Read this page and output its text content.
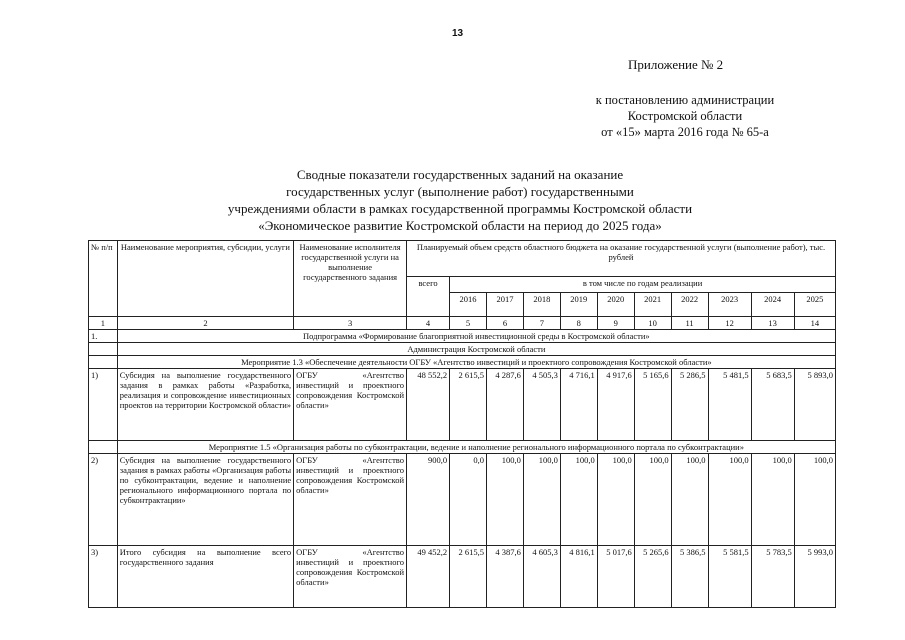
13
Приложение № 2
к постановлению администрации
Костромской области
от «15» марта 2016 года № 65-а
Сводные показатели государственных заданий на оказание
государственных услуг (выполнение работ) государственными
учреждениями области в рамках государственной программы Костромской области
«Экономическое развитие Костромской области на период до 2025 года»
№ п/п	Наименование мероприятия, субсидии, услуги	Наименование исполнителя государственной услуги на выполнение государственного задания	Планируемый объем средств областного бюджета на оказание государственной услуги (выполнение работ), тыс. рублей										
			всего	в том числе по годам реализации									
				2016	2017	2018	2019	2020	2021	2022	2023	2024	2025
1	2	3	4	5	6	7	8	9	10	11	12	13	14
1.	Подпрограмма «Формирование благоприятной инвестиционной среды в Костромской области»												
	Администрация Костромской области												
	Мероприятие 1.3 «Обеспечение деятельности ОГБУ «Агентство инвестиций и проектного сопровождения Костромской области»												
1)	Субсидия на выполнение государственного задания в рамках работы «Разработка, реализация и сопровождение инвестиционных проектов на территории Костромской области»	ОГБУ «Агентство инвестиций и проектного сопровождения Костромской области»	48 552,2	2 615,5	4 287,6	4 505,3	4 716,1	4 917,6	5 165,6	5 286,5	5 481,5	5 683,5	5 893,0
	Мероприятие 1.5 «Организация работы по субконтрактации, ведение и наполнение регионального информационного портала по субконтрактации»												
2)	Субсидия на выполнение государственного задания в рамках работы «Организация работы по субконтрактации, ведение и наполнение регионального информационного портала по субконтрактации»	ОГБУ «Агентство инвестиций и проектного сопровождения Костромской области»	900,0	0,0	100,0	100,0	100,0	100,0	100,0	100,0	100,0	100,0	100,0
3)	Итого субсидия на выполнение всего государственного задания	ОГБУ «Агентство инвестиций и проектного сопровождения Костромской области»	49 452,2	2 615,5	4 387,6	4 605,3	4 816,1	5 017,6	5 265,6	5 386,5	5 581,5	5 783,5	5 993,0
